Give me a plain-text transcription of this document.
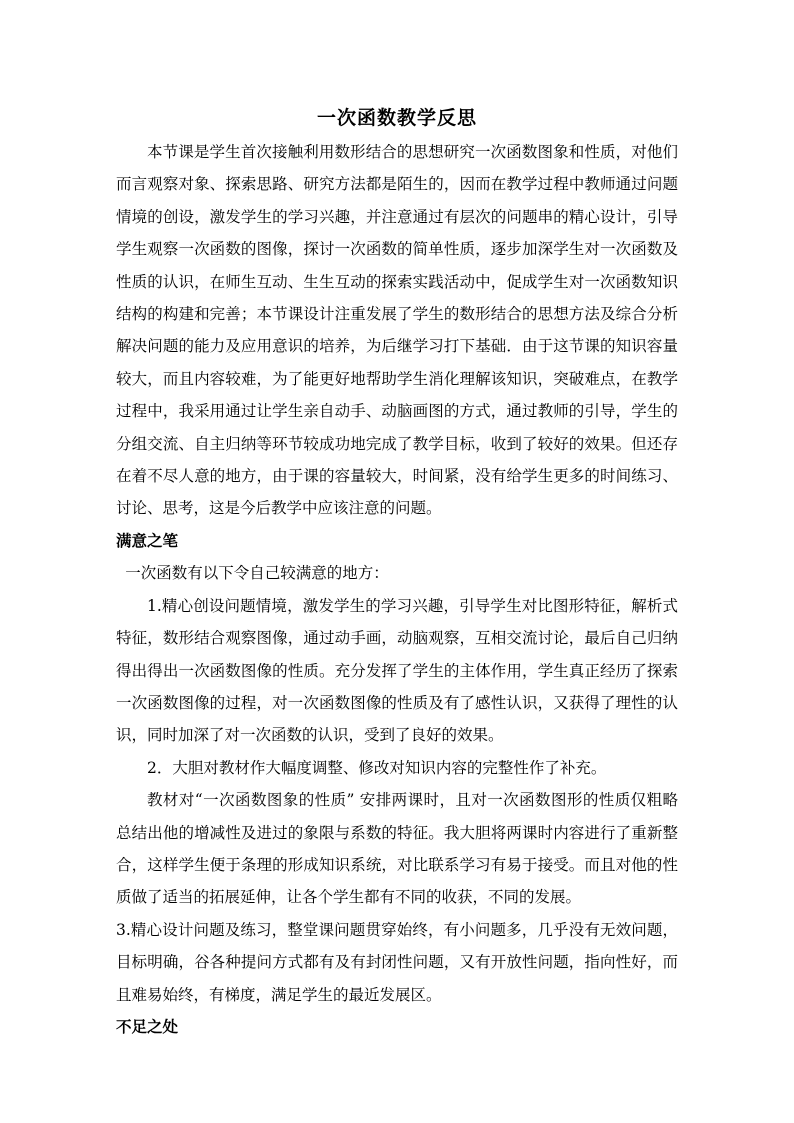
一次函数教学反思

本节课是学生首次接触利用数形结合的思想研究一次函数图象和性质，对他们而言观察对象、探索思路、研究方法都是陌生的，因而在教学过程中教师通过问题情境的创设，激发学生的学习兴趣，并注意通过有层次的问题串的精心设计，引导学生观察一次函数的图像，探讨一次函数的简单性质，逐步加深学生对一次函数及性质的认识，在师生互动、生生互动的探索实践活动中，促成学生对一次函数知识结构的构建和完善；本节课设计注重发展了学生的数形结合的思想方法及综合分析解决问题的能力及应用意识的培养，为后继学习打下基础．由于这节课的知识容量较大，而且内容较难，为了能更好地帮助学生消化理解该知识，突破难点，在教学过程中，我采用通过让学生亲自动手、动脑画图的方式，通过教师的引导，学生的分组交流、自主归纳等环节较成功地完成了教学目标，收到了较好的效果。但还存在着不尽人意的地方，由于课的容量较大，时间紧，没有给学生更多的时间练习、讨论、思考，这是今后教学中应该注意的问题。

满意之笔

一次函数有以下令自己较满意的地方：

1.精心创设问题情境，激发学生的学习兴趣，引导学生对比图形特征，解析式特征，数形结合观察图像，通过动手画，动脑观察，互相交流讨论，最后自己归纳得出得出一次函数图像的性质。充分发挥了学生的主体作用，学生真正经历了探索一次函数图像的过程，对一次函数图像的性质及有了感性认识，又获得了理性的认识，同时加深了对一次函数的认识，受到了良好的效果。

2．大胆对教材作大幅度调整、修改对知识内容的完整性作了补充。

教材对“一次函数图象的性质” 安排两课时，且对一次函数图形的性质仅粗略总结出他的增减性及进过的象限与系数的特征。我大胆将两课时内容进行了重新整合，这样学生便于条理的形成知识系统，对比联系学习有易于接受。而且对他的性质做了适当的拓展延伸，让各个学生都有不同的收获，不同的发展。

3.精心设计问题及练习，整堂课问题贯穿始终，有小问题多，几乎没有无效问题，目标明确，谷各种提问方式都有及有封闭性问题，又有开放性问题，指向性好，而且难易始终，有梯度，满足学生的最近发展区。

不足之处
